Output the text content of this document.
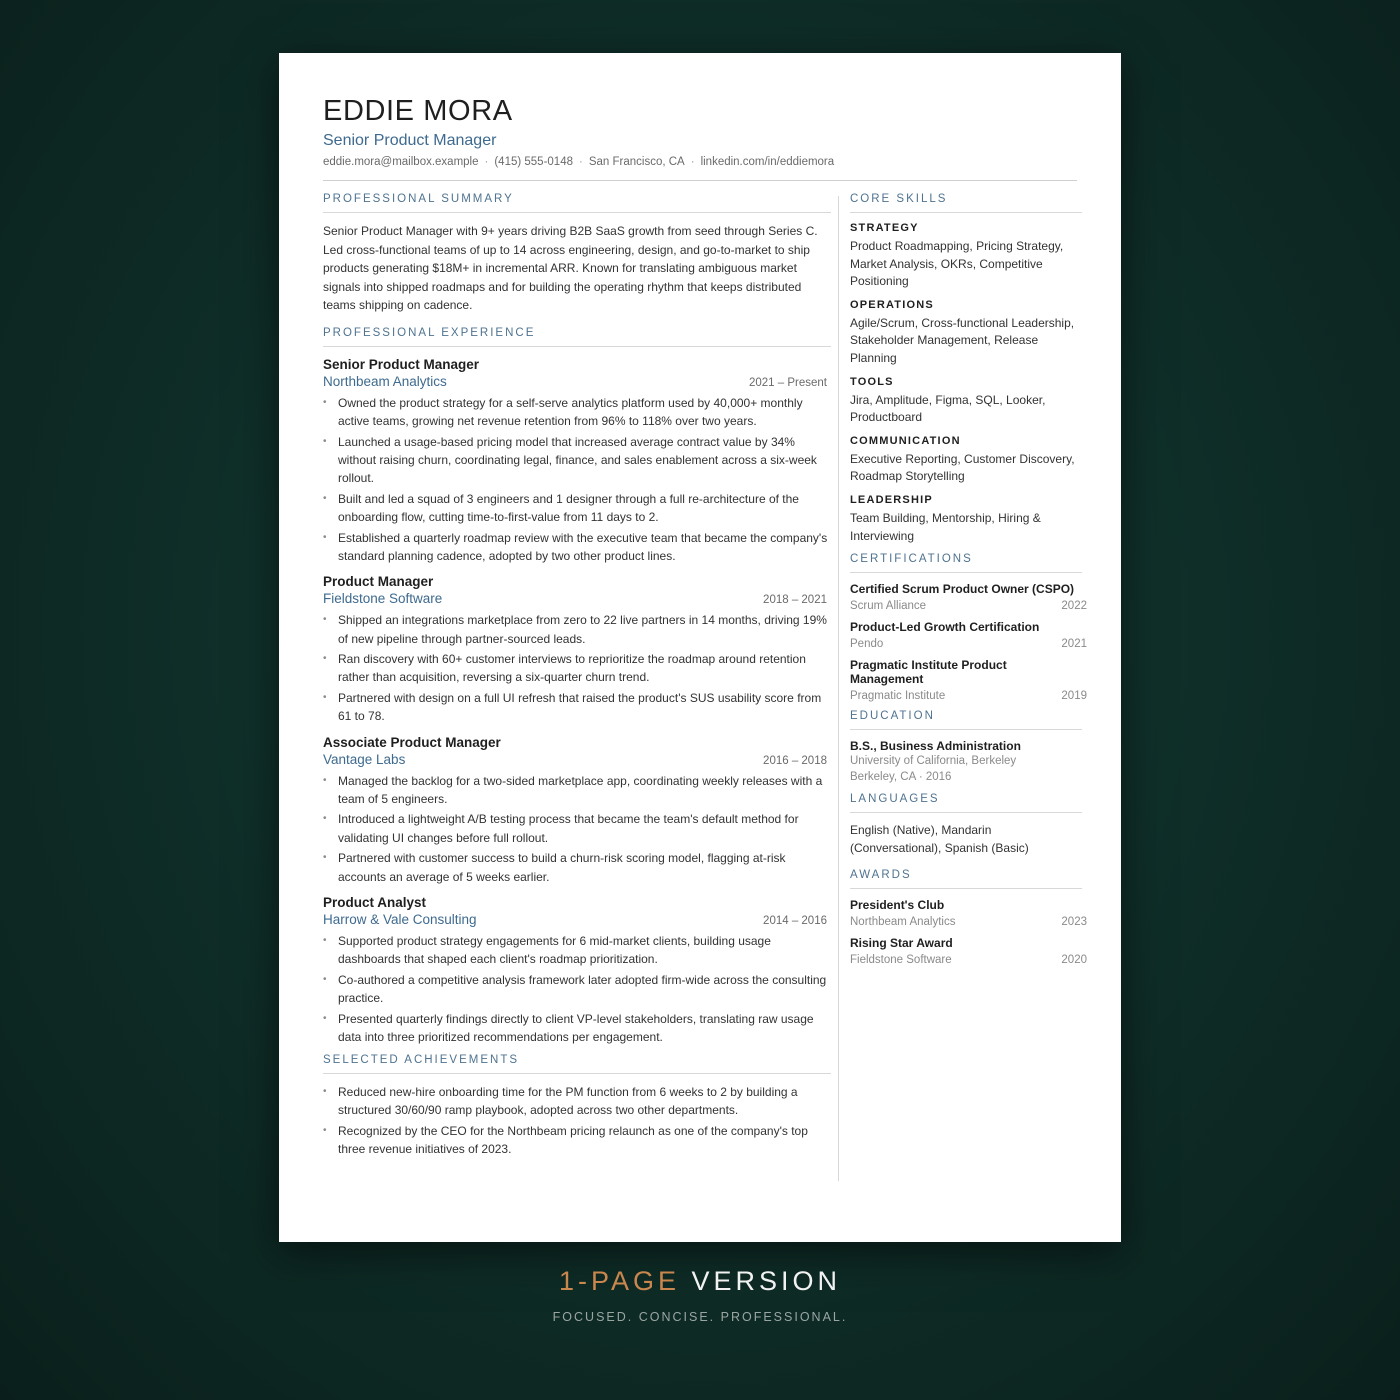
EDDIE MORA
Senior Product Manager
eddie.mora@mailbox.example · (415) 555-0148 · San Francisco, CA · linkedin.com/in/eddiemora
PROFESSIONAL SUMMARY

Senior Product Manager with 9+ years driving B2B SaaS growth from seed through Series C. Led cross-functional teams of up to 14 across engineering, design, and go-to-market to ship products generating $18M+ in incremental ARR. Known for translating ambiguous market signals into shipped roadmaps and for building the operating rhythm that keeps distributed teams shipping on cadence.

PROFESSIONAL EXPERIENCE
Senior Product Manager
Northbeam Analytics	2021 – Present
• Owned the product strategy for a self-serve analytics platform used by 40,000+ monthly active teams, growing net revenue retention from 96% to 118% over two years.
• Launched a usage-based pricing model that increased average contract value by 34% without raising churn, coordinating legal, finance, and sales enablement across a six-week rollout.
• Built and led a squad of 3 engineers and 1 designer through a full re-architecture of the onboarding flow, cutting time-to-first-value from 11 days to 2.
• Established a quarterly roadmap review with the executive team that became the company's standard planning cadence, adopted by two other product lines.
Product Manager
Fieldstone Software	2018 – 2021
• Shipped an integrations marketplace from zero to 22 live partners in 14 months, driving 19% of new pipeline through partner-sourced leads.
• Ran discovery with 60+ customer interviews to reprioritize the roadmap around retention rather than acquisition, reversing a six-quarter churn trend.
• Partnered with design on a full UI refresh that raised the product's SUS usability score from 61 to 78.
Associate Product Manager
Vantage Labs	2016 – 2018
• Managed the backlog for a two-sided marketplace app, coordinating weekly releases with a team of 5 engineers.
• Introduced a lightweight A/B testing process that became the team's default method for validating UI changes before full rollout.
• Partnered with customer success to build a churn-risk scoring model, flagging at-risk accounts an average of 5 weeks earlier.
Product Analyst
Harrow & Vale Consulting	2014 – 2016
• Supported product strategy engagements for 6 mid-market clients, building usage dashboards that shaped each client's roadmap prioritization.
• Co-authored a competitive analysis framework later adopted firm-wide across the consulting practice.
• Presented quarterly findings directly to client VP-level stakeholders, translating raw usage data into three prioritized recommendations per engagement.
SELECTED ACHIEVEMENTS
• Reduced new-hire onboarding time for the PM function from 6 weeks to 2 by building a structured 30/60/90 ramp playbook, adopted across two other departments.
• Recognized by the CEO for the Northbeam pricing relaunch as one of the company's top three revenue initiatives of 2023.
CORE SKILLS
STRATEGY
Product Roadmapping, Pricing Strategy, Market Analysis, OKRs, Competitive Positioning
OPERATIONS
Agile/Scrum, Cross-functional Leadership, Stakeholder Management, Release Planning
TOOLS
Jira, Amplitude, Figma, SQL, Looker, Productboard
COMMUNICATION
Executive Reporting, Customer Discovery, Roadmap Storytelling
LEADERSHIP
Team Building, Mentorship, Hiring & Interviewing
CERTIFICATIONS
Certified Scrum Product Owner (CSPO)
Scrum Alliance	2022
Product-Led Growth Certification
Pendo	2021
Pragmatic Institute Product Management
Pragmatic Institute	2019
EDUCATION
B.S., Business Administration
University of California, Berkeley
Berkeley, CA · 2016
LANGUAGES
English (Native), Mandarin (Conversational), Spanish (Basic)
AWARDS
President's Club
Northbeam Analytics	2023
Rising Star Award
Fieldstone Software	2020
1-PAGE VERSION
FOCUSED. CONCISE. PROFESSIONAL.
